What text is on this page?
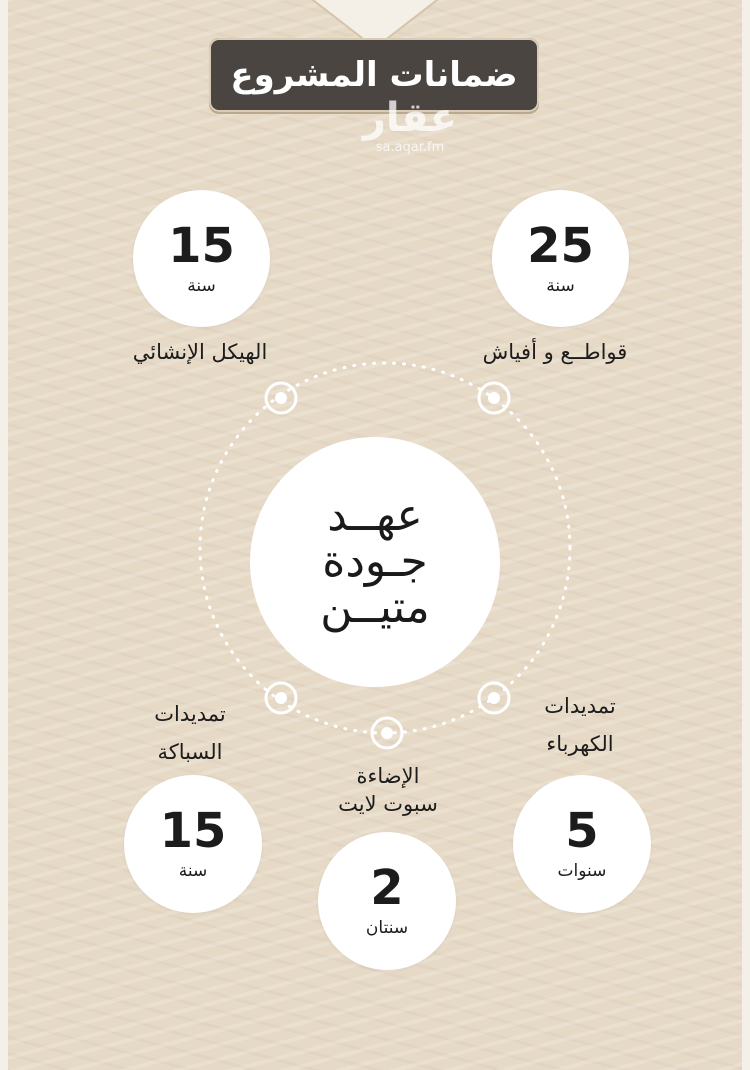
ضمانات المشروع
عقار
sa.aqar.fm
عهــد
جـودة
متيــن
15
سنة
الهيكل الإنشائي
25
سنة
قواطــع و أفياش
تمديدات
السباكة
15
سنة
الإضاءة
سبوت لايت
2
سنتان
تمديدات
الكهرباء
5
سنوات
